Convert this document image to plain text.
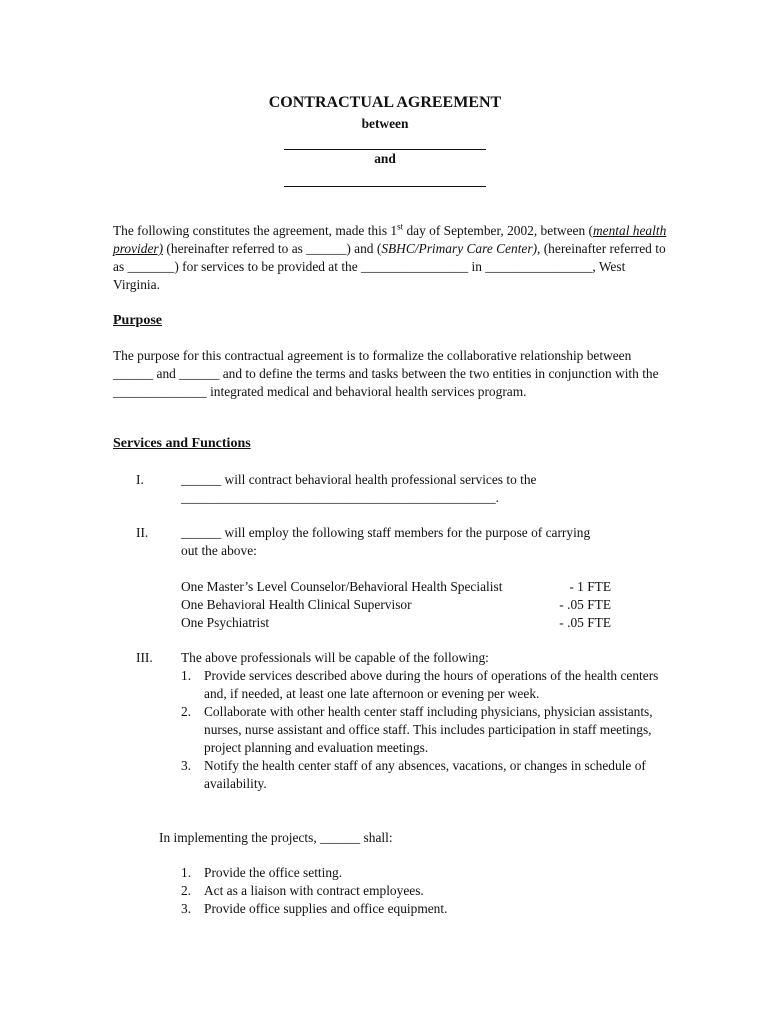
CONTRACTUAL AGREEMENT
between
and

The following constitutes the agreement, made this 1st day of September, 2002, between (mental health provider) (hereinafter referred to as ______) and (SBHC/Primary Care Center), (hereinafter referred to as _______) for services to be provided at the ________________ in ________________, West Virginia.

Purpose

The purpose for this contractual agreement is to formalize the collaborative relationship between ______ and ______ and to define the terms and tasks between the two entities in conjunction with the ______________ integrated medical and behavioral health services program.

Services and Functions
I.	______ will contract behavioral health professional services to the
_______________________________________________.
II. ______ will employ the following staff members for the purpose of carrying
out the above:
One Master’s Level Counselor/Behavioral Health Specialist	- 1 FTE
One Behavioral Health Clinical Supervisor	- .05 FTE
One Psychiatrist	- .05 FTE
III. The above professionals will be capable of the following:
1. Provide services described above during the hours of operations of the health centers and, if needed, at least one late afternoon or evening per week.
2. Collaborate with other health center staff including physicians, physician assistants, nurses, nurse assistant and office staff. This includes participation in staff meetings, project planning and evaluation meetings.
3. Notify the health center staff of any absences, vacations, or changes in schedule of availability.
In implementing the projects, ______ shall:
1. Provide the office setting.
2. Act as a liaison with contract employees.
3. Provide office supplies and office equipment.
